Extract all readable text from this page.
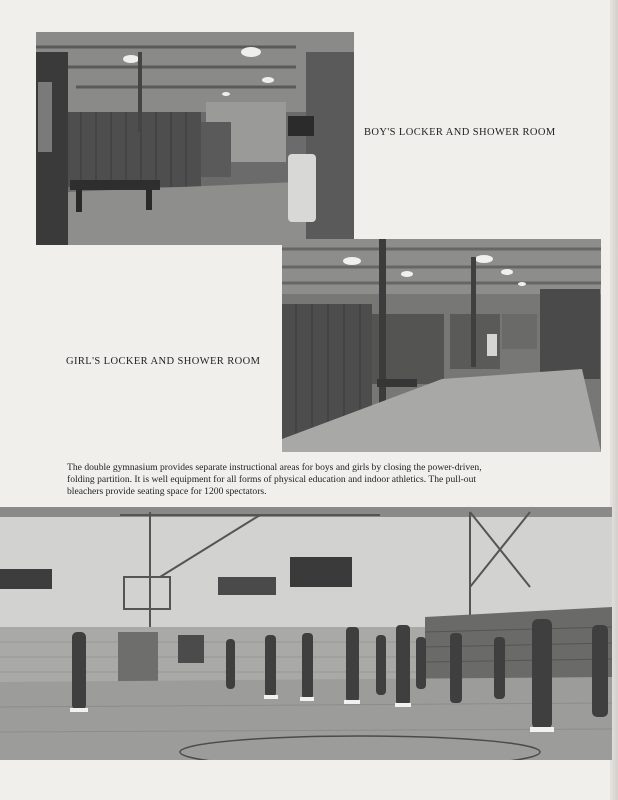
BOY'S LOCKER AND SHOWER ROOM
GIRL'S LOCKER AND SHOWER ROOM
The double gymnasium provides separate instructional areas for boys and girls by closing the power-driven,
folding partition. It is well equipment for all forms of physical education and indoor athletics. The pull-out
bleachers provide seating space for 1200 spectators.
